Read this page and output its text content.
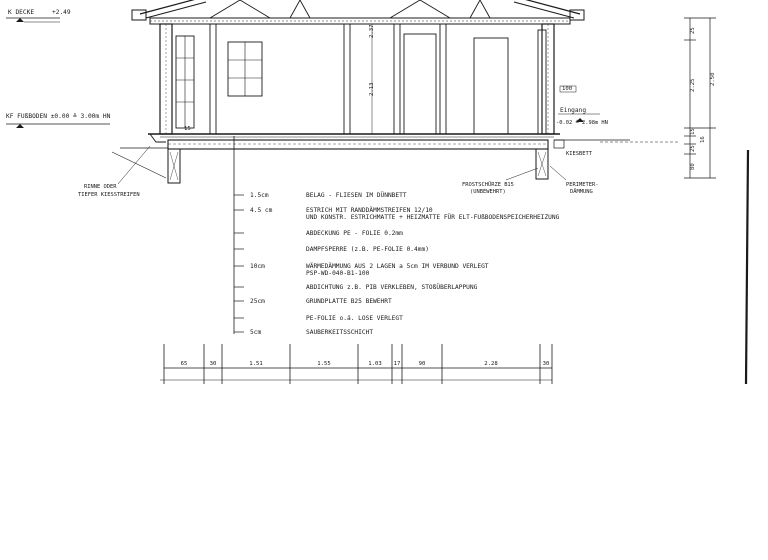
K DECKE	+2.49
KF FUßBODEN ±0.00 ≙ 3.00m HN
2.37
2.13
15
RINNE ODER
TIEFER KIESSTREIFEN
KIESBETT
FROSTSCHÜRZE B15
(UNBEWEHRT)
PERIMETER-
DÄMMUNG
100
Eingang
-0.02 ≙ 2.98m HN
25
2.25	2.50
15
16
25
80
1.5cm	BELAG - FLIESEN IM DÜNNBETT
4.5 cm	ESTRICH MIT RANDDÄMMSTREIFEN 12/10
UND KONSTR. ESTRICHMATTE + HEIZMATTE FÜR ELT-FUßBODENSPEICHERHEIZUNG
ABDECKUNG PE - FOLIE 0.2mm
DAMPFSPERRE (z.B. PE-FOLIE 0.4mm)
10cm	WÄRMEDÄMMUNG AUS 2 LAGEN a 5cm IM VERBUND VERLEGT
PSP-WD-040-B1-100
ABDICHTUNG z.B. PIB VERKLEBEN, STOßÜBERLAPPUNG
25cm	GRUNDPLATTE B25 BEWEHRT
PE-FOLIE o.ä. LOSE VERLEGT
5cm	SAUBERKEITSSCHICHT
65	30	1.51	1.55	1.03 17	90	2.28	30
